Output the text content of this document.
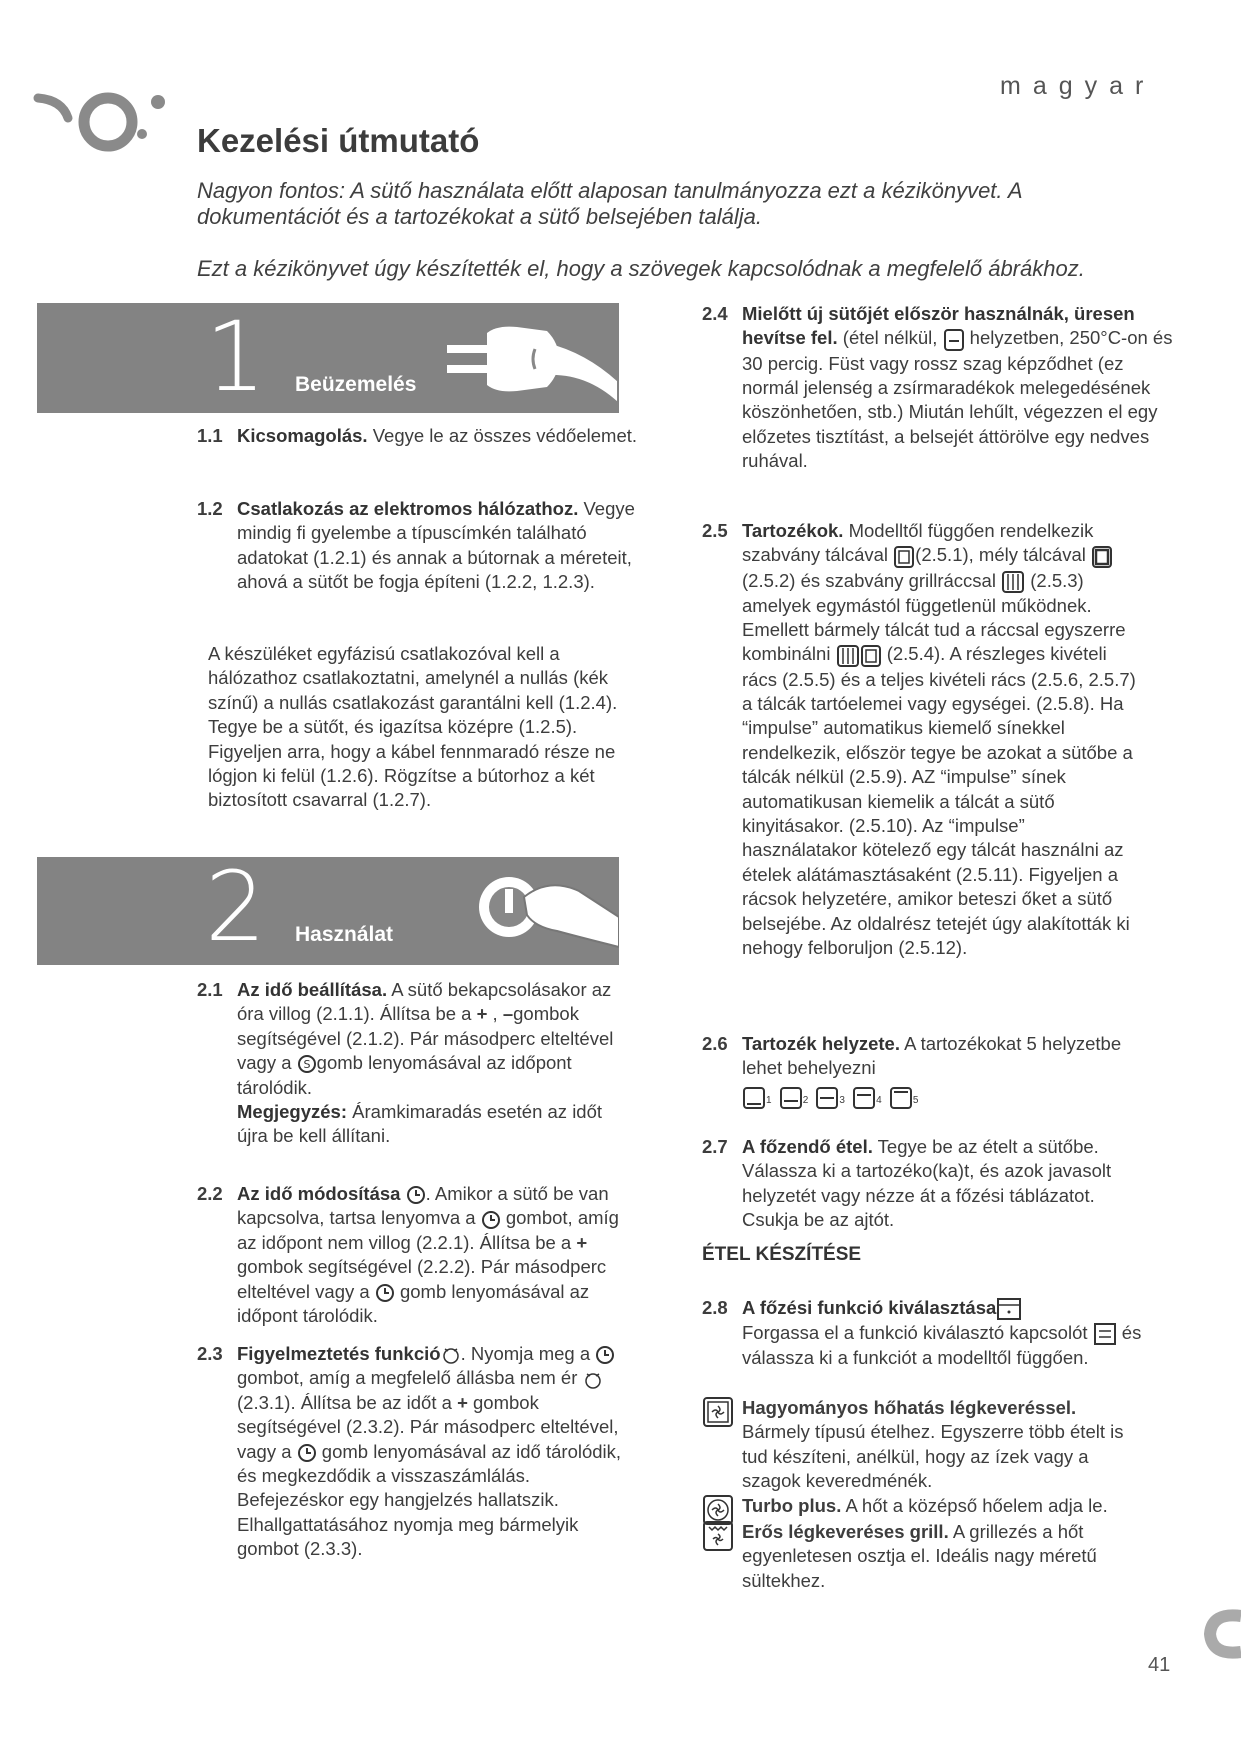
magyar
Kezelési útmutató
Nagyon fontos: A sütő használata előtt alaposan tanulmányozza ezt a kézikönyvet. A dokumentációt és a tartozékokat a sütő belsejében találja.
Ezt a kézikönyvet úgy készítették el, hogy a szövegek kapcsolódnak a megfelelő ábrákhoz.
1 Beüzemelés
1.1 Kicsomagolás. Vegye le az összes védőelemet.
1.2 Csatlakozás az elektromos hálózathoz. Vegye mindig fi gyelembe a típuscímkén található adatokat (1.2.1) és annak a bútornak a méreteit, ahová a sütőt be fogja építeni (1.2.2, 1.2.3).
A készüléket egyfázisú csatlakozóval kell a hálózathoz csatlakoztatni, amelynél a nullás (kék színű) a nullás csatlakozást garantálni kell (1.2.4). Tegye be a sütőt, és igazítsa középre (1.2.5). Figyeljen arra, hogy a kábel fennmaradó része ne lógjon ki felül (1.2.6). Rögzítse a bútorhoz a két biztosított csavarral (1.2.7).
2 Használat
2.1 Az idő beállítása. A sütő bekapcsolásakor az óra villog (2.1.1). Állítsa be a + , –gombok segítségével (2.1.2). Pár másodperc elteltével vagy a S gomb lenyomásával az időpont tárolódik.
Megjegyzés: Áramkimaradás esetén az időt újra be kell állítani.
2.2 Az idő módosítása . Amikor a sütő be van kapcsolva, tartsa lenyomva a  gombot, amíg az időpont nem villog (2.2.1). Állítsa be a + gombok segítségével (2.2.2). Pár másodperc elteltével vagy a  gomb lenyomásával az időpont tárolódik.
2.3 Figyelmeztetés funkció . Nyomja meg a  gombot, amíg a megfelelő állásba nem ér  (2.3.1). Állítsa be az időt a + gombok segítségével (2.3.2). Pár másodperc elteltével, vagy a  gomb lenyomásával az idő tárolódik, és megkezdődik a visszaszámlálás. Befejezéskor egy hangjelzés hallatszik. Elhallgattatásához nyomja meg bármelyik gombot (2.3.3).
2.4 Mielőtt új sütőjét először használnák, üresen hevítse fel. (étel nélkül,  helyzetben, 250°C-on és 30 percig. Füst vagy rossz szag képződhet (ez normál jelenség a zsírmaradékok melegedésének köszönhetően, stb.) Miután lehűlt, végezzen el egy előzetes tisztítást, a belsejét áttörölve egy nedves ruhával.
2.5 Tartozékok. Modelltől függően rendelkezik szabvány tálcával (2.5.1), mély tálcával (2.5.2) és szabvány grillráccsal  (2.5.3) amelyek egymástól függetlenül működnek. Emellett bármely tálcát tud a ráccsal egyszerre kombinálni  (2.5.4). A részleges kivételi rács (2.5.5) és a teljes kivételi rács (2.5.6, 2.5.7) a tálcák tartóelemei vagy egységei. (2.5.8). Ha “impulse” automatikus kiemelő sínekkel rendelkezik, először tegye be azokat a sütőbe a tálcák nélkül (2.5.9). AZ “impulse” sínek automatikusan kiemelik a tálcát a sütő kinyitásakor. (2.5.10). Az “impulse” használatakor kötelező egy tálcát használni az ételek alátámasztásaként (2.5.11). Figyeljen a rácsok helyzetére, amikor beteszi őket a sütő belsejébe. Az oldalrész tetejét úgy alakították ki nehogy felboruljon (2.5.12).
2.6 Tartozék helyzete. A tartozékokat 5 helyzetbe lehet behelyezni
1	2	3	4	5
2.7 A főzendő étel. Tegye be az ételt a sütőbe. Válassza ki a tartozéko(ka)t, és azok javasolt helyzetét vagy nézze át a főzési táblázatot. Csukja be az ajtót.
ÉTEL KÉSZÍTÉSE
2.8 A főzési funkció kiválasztása
Forgassa el a funkció kiválasztó kapcsolót  és válassza ki a funkciót a modelltől függően.
Hagyományos hőhatás légkeveréssel. Bármely típusú ételhez. Egyszerre több ételt is tud készíteni, anélkül, hogy az ízek vagy a szagok keveredménék.
Turbo plus. A hőt a középső hőelem adja le.
Erős légkeveréses grill. A grillezés a hőt egyenletesen osztja el. Ideális nagy méretű sültekhez.
41
